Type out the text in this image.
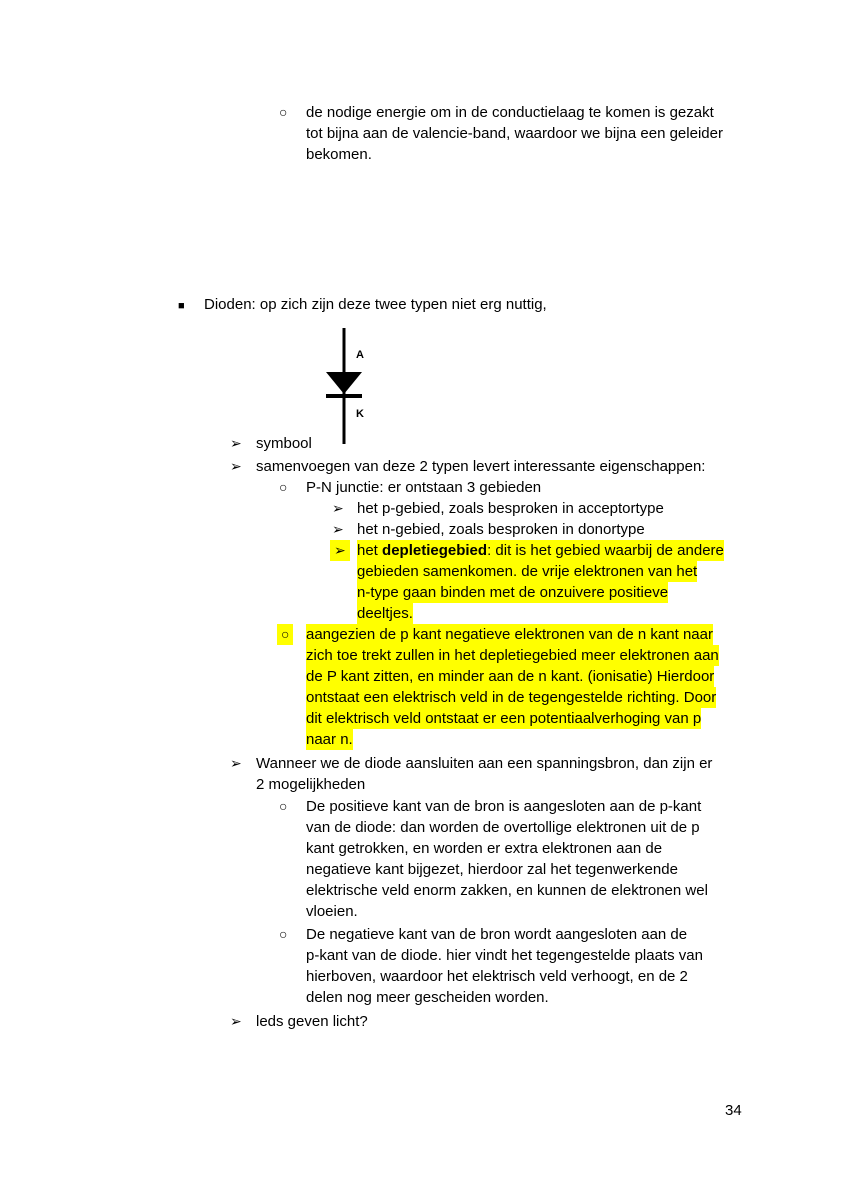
○ de nodige energie om in de conductielaag te komen is gezakt
tot bijna aan de valencie-band, waardoor we bijna een geleider
bekomen.
■ Dioden: op zich zijn deze twee typen niet erg nuttig,
A
K
➢ symbool
➢ samenvoegen van deze 2 typen levert interessante eigenschappen:
○ P-N junctie: er ontstaan 3 gebieden
➢ het p-gebied, zoals besproken in acceptortype
➢ het n-gebied, zoals besproken in donortype
➢ het depletiegebied: dit is het gebied waarbij de andere
gebieden samenkomen. de vrije elektronen van het
n-type gaan binden met de onzuivere positieve
deeltjes.
○ aangezien de p kant negatieve elektronen van de n kant naar
zich toe trekt zullen in het depletiegebied meer elektronen aan
de P kant zitten, en minder aan de n kant. (ionisatie) Hierdoor
ontstaat een elektrisch veld in de tegengestelde richting. Door
dit elektrisch veld ontstaat er een potentiaalverhoging van p
naar n.
➢ Wanneer we de diode aansluiten aan een spanningsbron, dan zijn er
2 mogelijkheden
○ De positieve kant van de bron is aangesloten aan de p-kant
van de diode: dan worden de overtollige elektronen uit de p
kant getrokken, en worden er extra elektronen aan de
negatieve kant bijgezet, hierdoor zal het tegenwerkende
elektrische veld enorm zakken, en kunnen de elektronen wel
vloeien.
○ De negatieve kant van de bron wordt aangesloten aan de
p-kant van de diode. hier vindt het tegengestelde plaats van
hierboven, waardoor het elektrisch veld verhoogt, en de 2
delen nog meer gescheiden worden.
➢ leds geven licht?
34
